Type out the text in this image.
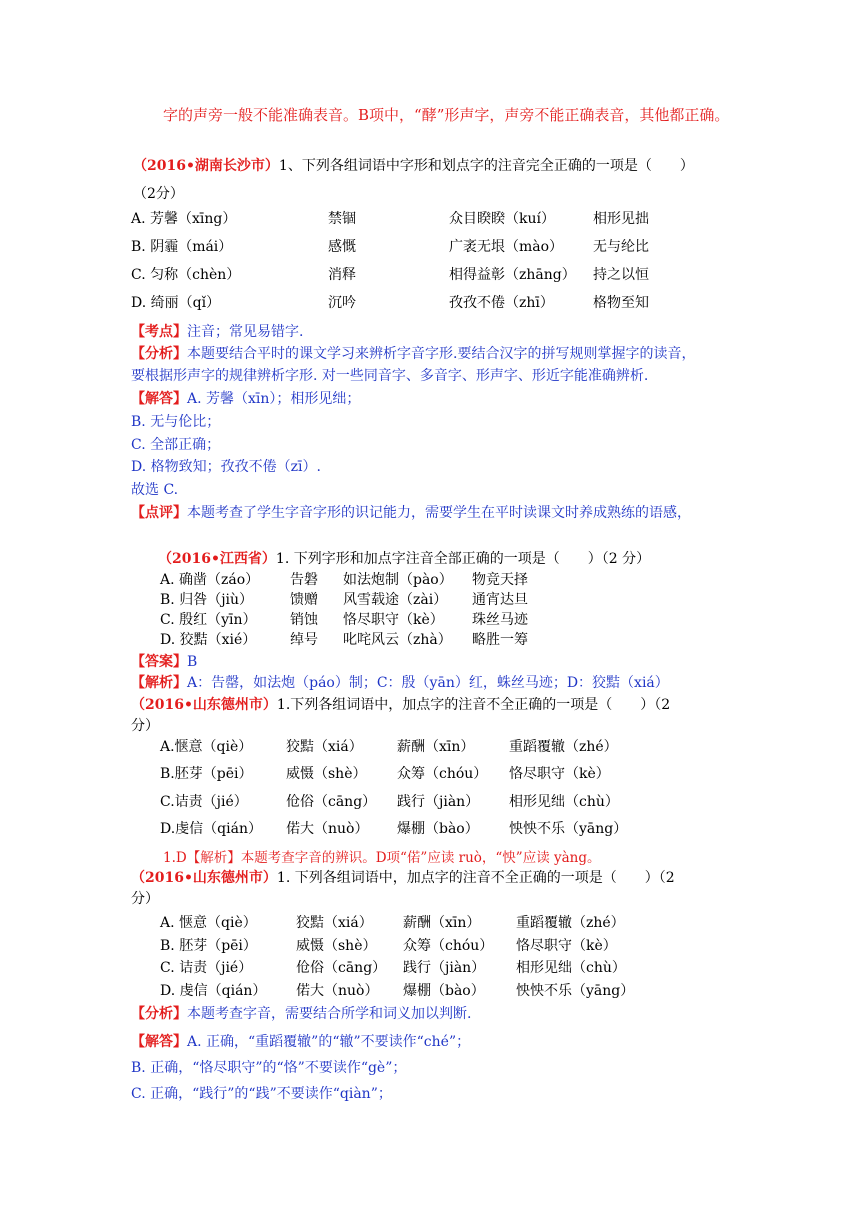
字的声旁一般不能准确表音。B项中，“酵”形声字，声旁不能正确表音，其他都正确。
（2016•湖南长沙市）1、下列各组词语中字形和划点字的注音完全正确的一项是（　　）
（2分）
A. 芳馨（xīng）	禁锢	众目睽睽（kuí）	相形见拙
B. 阴霾（mái）	感慨	广袤无垠（mào） 无与纶比
C. 匀称（chèn）	消释	相得益彰（zhāng） 持之以恒
D. 绮丽（qǐ）	沉吟	孜孜不倦（zhī）	格物至知
【考点】注音；常见易错字.
【分析】本题要结合平时的课文学习来辨析字音字形.要结合汉字的拼写规则掌握字的读音，
要根据形声字的规律辨析字形. 对一些同音字、多音字、形声字、形近字能准确辨析.
【解答】A. 芳馨（xīn）；相形见绌；
B. 无与伦比；
C. 全部正确；
D. 格物致知；孜孜不倦（zī）.
故选 C.
【点评】本题考查了学生字音字形的识记能力，需要学生在平时读课文时养成熟练的语感，
（2016•江西省）1. 下列字形和加点字注音全部正确的一项是（　　）（2 分）
A. 确凿（záo） 告磐 如法炮制（pào） 物竞天择
B. 归咎（jiù）	馈赠 风雪载途（zài） 通宵达旦
C. 殷红（yīn） 销蚀 恪尽职守（kè） 珠丝马迹
D. 狡黠（xié） 绰号 叱咤风云（zhà） 略胜一筹
【答案】B
【解析】A：告罄，如法炮（páo）制；C：殷（yān）红，蛛丝马迹；D：狡黠（xiá）
（2016•山东德州市）1.下列各组词语中，加点字的注音不全正确的一项是（　　）（2
分）
A.惬意（qiè） 狡黠（xiá） 薪酬（xīn） 重蹈覆辙（zhé）
B.胚芽（pēi） 威慑（shè） 众筹（chóu） 恪尽职守（kè）
C.诘责（jié）	伧俗（cāng） 践行（jiàn） 相形见绌（chù）
D.虔信（qián） 偌大（nuò） 爆棚（bào） 怏怏不乐（yāng）
1.D【解析】本题考查字音的辨识。D项“偌”应读 ruò，“怏”应读 yàng。
（2016•山东德州市）1. 下列各组词语中，加点字的注音不全正确的一项是（　　）（2
分）
A. 惬意（qiè）	狡黠（xiá） 薪酬（xīn）	重蹈覆辙（zhé）
B. 胚芽（pēi）	威慑（shè） 众筹（chóu） 恪尽职守（kè）
C. 诘责（jié）	伧俗（cāng） 践行（jiàn） 相形见绌（chù）
D. 虔信（qián） 偌大（nuò） 爆棚（bào） 怏怏不乐（yāng）
【分析】本题考查字音，需要结合所学和词义加以判断.
【解答】A. 正确，“重蹈覆辙”的“辙”不要读作“ché”；
B. 正确，“恪尽职守”的“恪”不要读作“gè”；
C. 正确，“践行”的“践”不要读作“qiàn”；
